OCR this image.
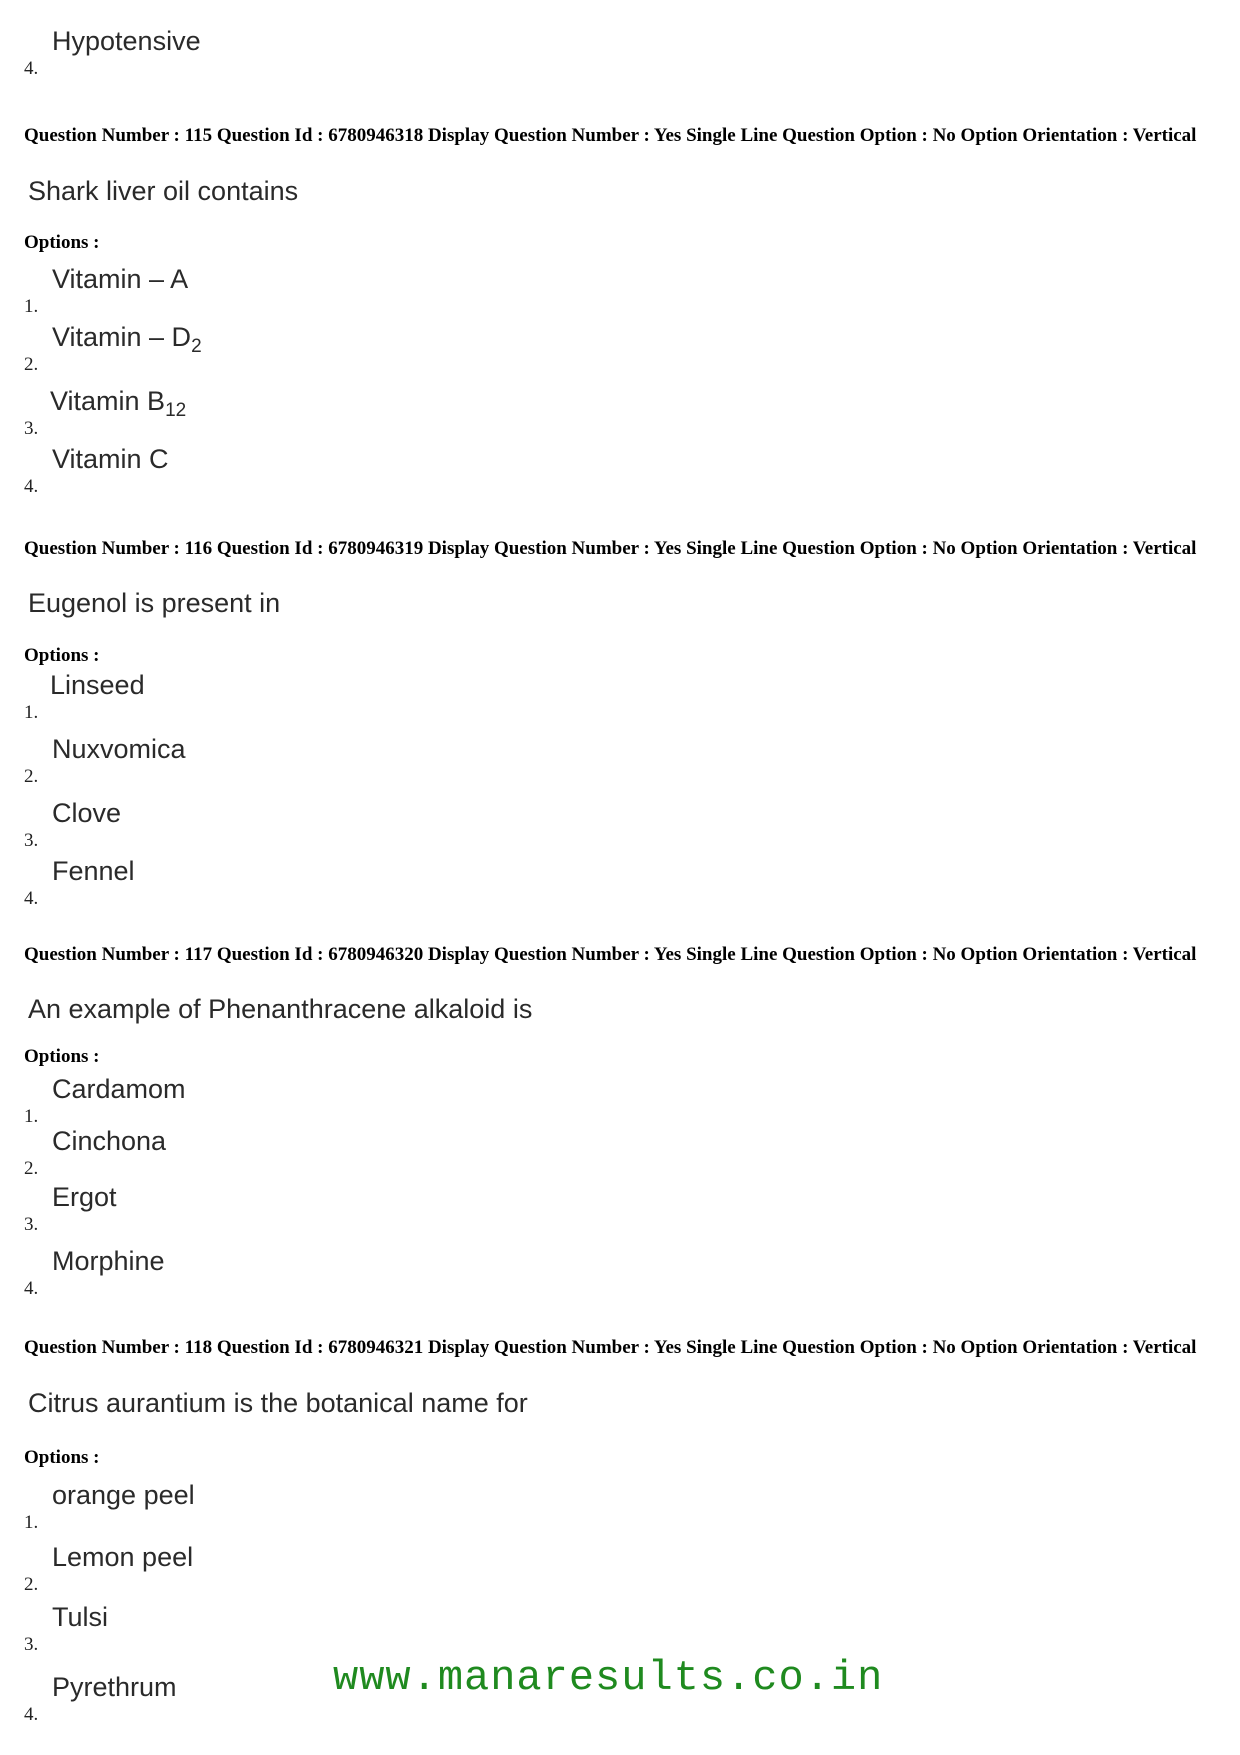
4.
Hypotensive
Question Number : 115 Question Id : 6780946318 Display Question Number : Yes Single Line Question Option : No Option Orientation : Vertical
Shark liver oil contains
Options :
1.
Vitamin – A
2.
Vitamin – $D_2$
3.
Vitamin $B_{12}$
4.
Vitamin C
Question Number : 116 Question Id : 6780946319 Display Question Number : Yes Single Line Question Option : No Option Orientation : Vertical
Eugenol is present in
Options :
1.
Linseed
2.
Nuxvomica
3.
Clove
4.
Fennel
Question Number : 117 Question Id : 6780946320 Display Question Number : Yes Single Line Question Option : No Option Orientation : Vertical
An example of Phenanthracene alkaloid is
Options :
1.
Cardamom
2.
Cinchona
3.
Ergot
4.
Morphine
Question Number : 118 Question Id : 6780946321 Display Question Number : Yes Single Line Question Option : No Option Orientation : Vertical
Citrus aurantium is the botanical name for
Options :
1.
orange peel
2.
Lemon peel
3.
Tulsi
4.
Pyrethrum	www.manaresults.co.in
